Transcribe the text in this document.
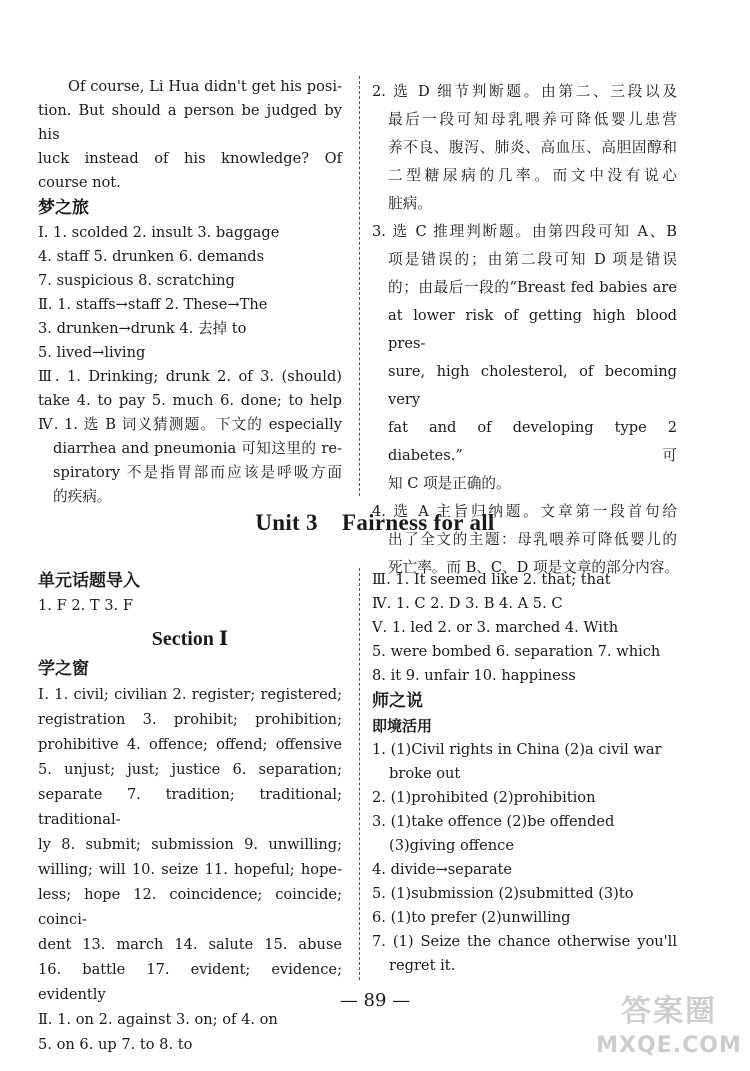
Of course, Li Hua didn't get his posi-
tion. But should a person be judged by his
luck instead of his knowledge? Of
course not.
梦之旅
Ⅰ. 1. scolded 2. insult 3. baggage
4. staff 5. drunken 6. demands
7. suspicious 8. scratching
Ⅱ. 1. staffs→staff 2. These→The
3. drunken→drunk 4. 去掉 to
5. lived→living
Ⅲ. 1. Drinking; drunk 2. of 3. (should)
take 4. to pay 5. much 6. done; to help
Ⅳ. 1. 选 B 词义猜测题。下文的 especially
diarrhea and pneumonia 可知这里的 re-
spiratory 不是指胃部而应该是呼吸方面
的疾病。
2. 选 D 细节判断题。由第二、三段以及
最后一段可知母乳喂养可降低婴儿患营
养不良、腹泻、肺炎、高血压、高胆固醇和
二型糖尿病的几率。而文中没有说心
脏病。
3. 选 C 推理判断题。由第四段可知 A、B
项是错误的；由第二段可知 D 项是错误
的；由最后一段的“Breast fed babies are
at lower risk of getting high blood pres-
sure, high cholesterol, of becoming very
fat and of developing type 2 diabetes.”可
知 C 项是正确的。
4. 选 A 主旨归纳题。文章第一段首句给
出了全文的主题：母乳喂养可降低婴儿的
死亡率。而 B、C、D 项是文章的部分内容。
Unit 3    Fairness for all
单元话题导入
1. F 2. T 3. F
Section Ⅰ
学之窗
Ⅰ. 1. civil; civilian 2. register; registered;
registration 3. prohibit; prohibition;
prohibitive 4. offence; offend; offensive
5. unjust; just; justice 6. separation;
separate 7. tradition; traditional; traditional-
ly 8. submit; submission 9. unwilling;
willing; will 10. seize 11. hopeful; hope-
less; hope 12. coincidence; coincide; coinci-
dent 13. march 14. salute 15. abuse
16. battle 17. evident; evidence; evidently
Ⅱ. 1. on 2. against 3. on; of 4. on
5. on 6. up 7. to 8. to
Ⅲ. 1. It seemed like 2. that; that
Ⅳ. 1. C 2. D 3. B 4. A 5. C
Ⅴ. 1. led 2. or 3. marched 4. With
5. were bombed 6. separation 7. which
8. it 9. unfair 10. happiness
师之说
即境活用
1. (1)Civil rights in China (2)a civil war
broke out
2. (1)prohibited (2)prohibition
3. (1)take offence (2)be offended
(3)giving offence
4. divide→separate
5. (1)submission (2)submitted (3)to
6. (1)to prefer (2)unwilling
7. (1) Seize the chance otherwise you'll
regret it.
— 89 —	答案圈
MXQE.COM
